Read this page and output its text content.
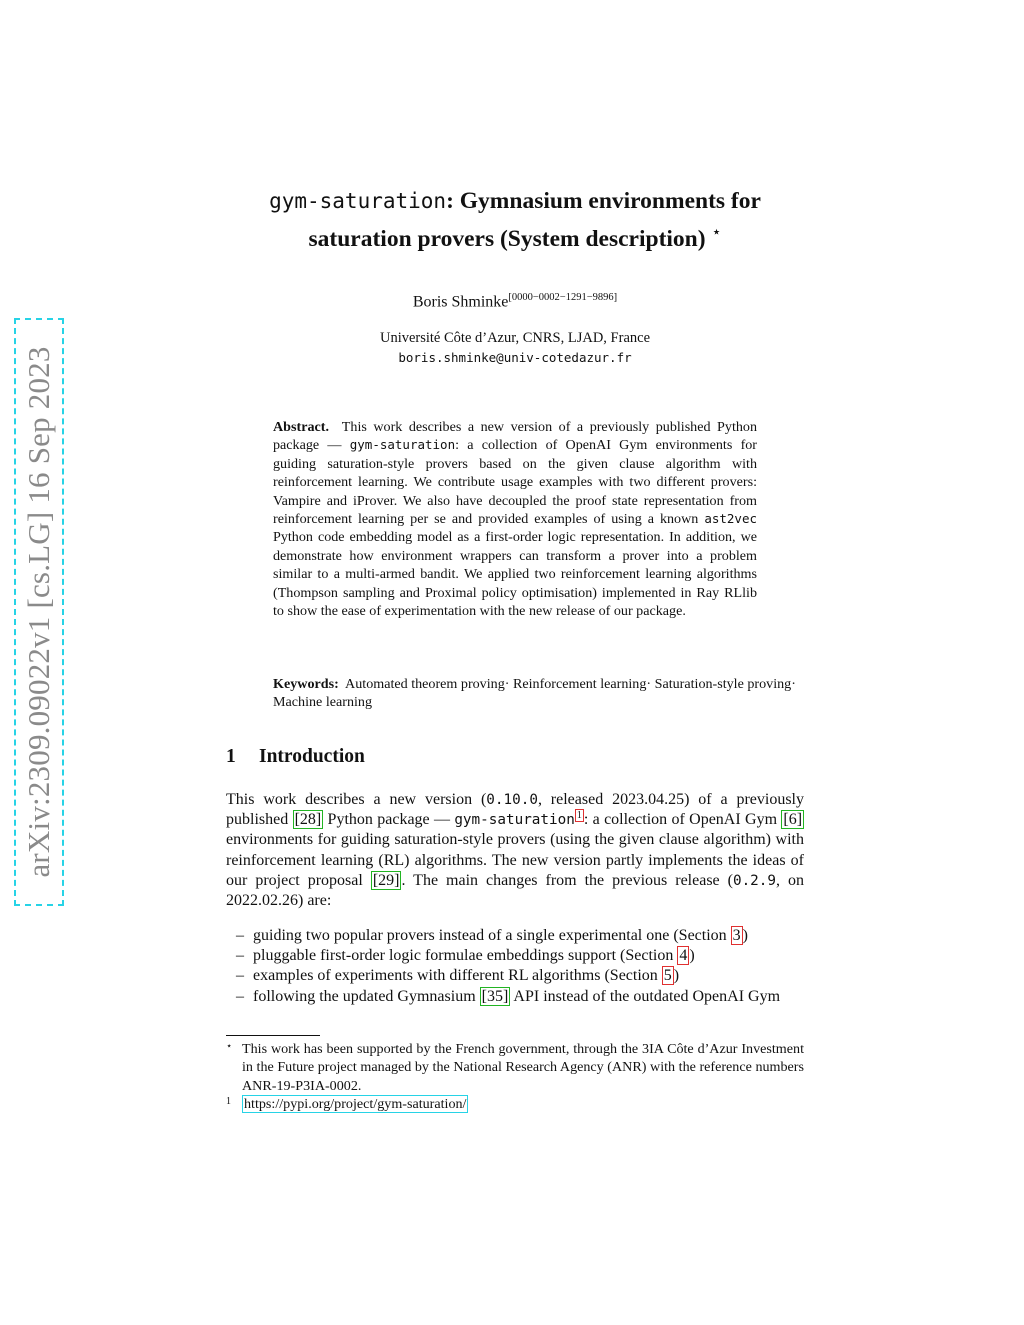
arXiv:2309.09022v1 [cs.LG] 16 Sep 2023
gym-saturation: Gymnasium environments for
saturation provers (System description) ⋆
Boris Shminke[0000−0002−1291−9896]
Université Côte d’Azur, CNRS, LJAD, France
boris.shminke@univ-cotedazur.fr
Abstract. This work describes a new version of a previously published Python package — gym-saturation: a collection of OpenAI Gym environments for guiding saturation-style provers based on the given clause algorithm with reinforcement learning. We contribute usage examples with two different provers: Vampire and iProver. We also have decoupled the proof state representation from reinforcement learning per se and provided examples of using a known ast2vec Python code embedding model as a first-order logic representation. In addition, we demonstrate how environment wrappers can transform a prover into a problem similar to a multi-armed bandit. We applied two reinforcement learning algorithms (Thompson sampling and Proximal policy optimisation) implemented in Ray RLlib to show the ease of experimentation with the new release of our package.
Keywords: Automated theorem proving· Reinforcement learning· Saturation-style proving· Machine learning
1 Introduction
This work describes a new version (0.10.0, released 2023.04.25) of a previously published [28] Python package — gym-saturation $^1$ : a collection of OpenAI Gym [6] environments for guiding saturation-style provers (using the given clause algorithm) with reinforcement learning (RL) algorithms. The new version partly implements the ideas of our project proposal [29] . The main changes from the previous release (0.2.9, on 2022.02.26) are:
– guiding two popular provers instead of a single experimental one (Section 3 )
– pluggable first-order logic formulae embeddings support (Section 4 )
– examples of experiments with different RL algorithms (Section 5 )
– following the updated Gymnasium [35] API instead of the outdated OpenAI Gym
⋆ This work has been supported by the French government, through the 3IA Côte d’Azur Investment in the Future project managed by the National Research Agency (ANR) with the reference numbers ANR-19-P3IA-0002.
1 https://pypi.org/project/gym-saturation/
